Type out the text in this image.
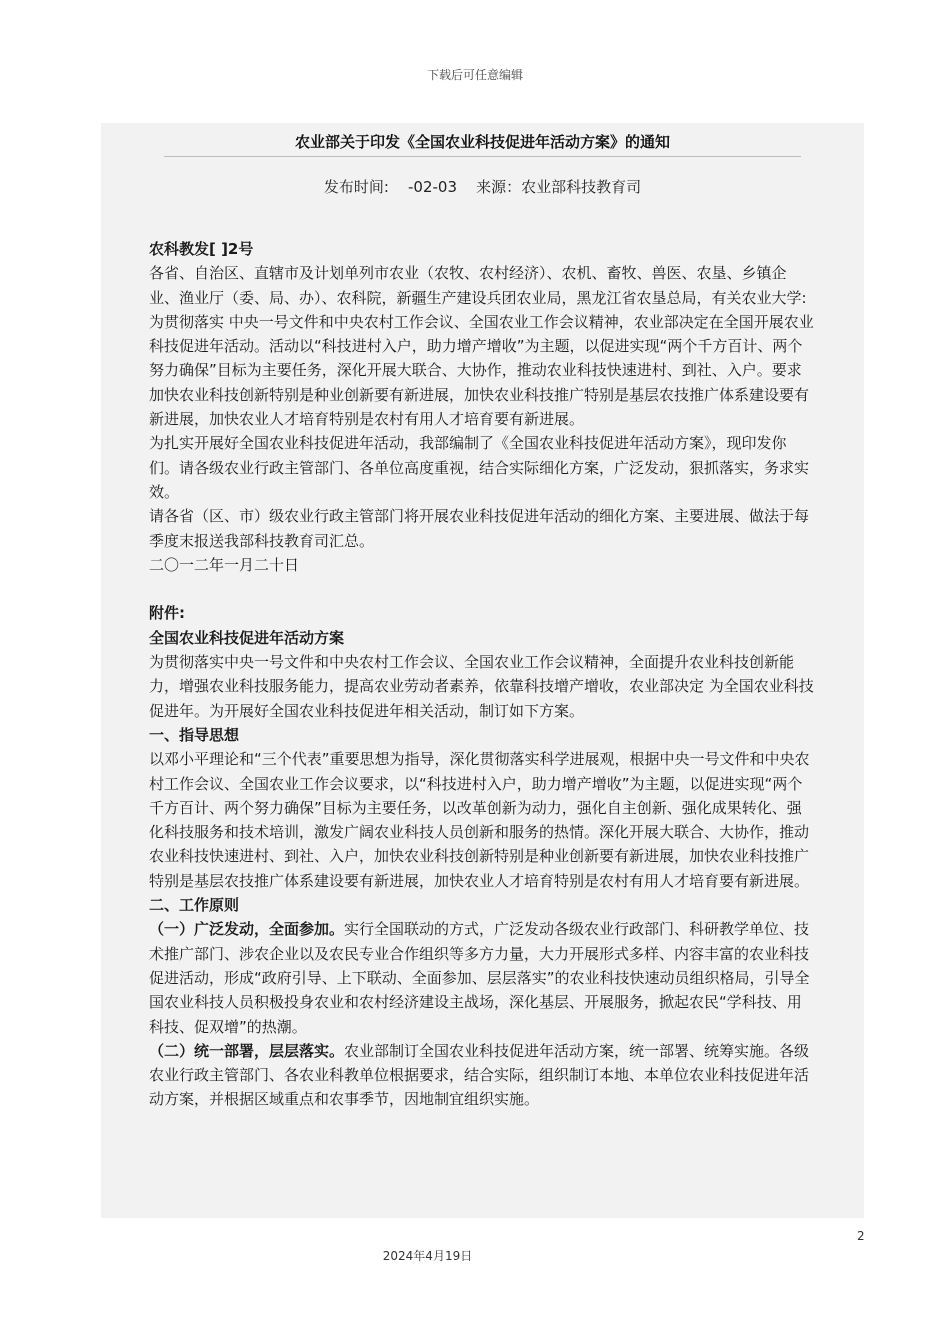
下载后可任意编辑
农业部关于印发《全国农业科技促进年活动方案》的通知
发布时间:    -02-03    来源：农业部科技教育司

农科教发[ ]2号

各省、自治区、直辖市及计划单列市农业（农牧、农村经济）、农机、畜牧、兽医、农垦、乡镇企业、渔业厅（委、局、办）、农科院，新疆生产建设兵团农业局，黑龙江省农垦总局，有关农业大学:

为贯彻落实 中央一号文件和中央农村工作会议、全国农业工作会议精神，农业部决定在全国开展农业科技促进年活动。活动以“科技进村入户，助力增产增收”为主题，以促进实现“两个千方百计、两个努力确保”目标为主要任务，深化开展大联合、大协作，推动农业科技快速进村、到社、入户。要求加快农业科技创新特别是种业创新要有新进展，加快农业科技推广特别是基层农技推广体系建设要有新进展，加快农业人才培育特别是农村有用人才培育要有新进展。

为扎实开展好全国农业科技促进年活动，我部编制了《全国农业科技促进年活动方案》，现印发你们。请各级农业行政主管部门、各单位高度重视，结合实际细化方案，广泛发动，狠抓落实，务求实效。

请各省（区、市）级农业行政主管部门将开展农业科技促进年活动的细化方案、主要进展、做法于每季度末报送我部科技教育司汇总。

二〇一二年一月二十日

附件:

全国农业科技促进年活动方案

为贯彻落实中央一号文件和中央农村工作会议、全国农业工作会议精神，全面提升农业科技创新能力，增强农业科技服务能力，提高农业劳动者素养，依靠科技增产增收，农业部决定 为全国农业科技促进年。为开展好全国农业科技促进年相关活动，制订如下方案。

一、指导思想

以邓小平理论和“三个代表”重要思想为指导，深化贯彻落实科学进展观，根据中央一号文件和中央农村工作会议、全国农业工作会议要求，以“科技进村入户，助力增产增收”为主题，以促进实现“两个千方百计、两个努力确保”目标为主要任务，以改革创新为动力，强化自主创新、强化成果转化、强化科技服务和技术培训，激发广阔农业科技人员创新和服务的热情。深化开展大联合、大协作，推动农业科技快速进村、到社、入户，加快农业科技创新特别是种业创新要有新进展，加快农业科技推广特别是基层农技推广体系建设要有新进展，加快农业人才培育特别是农村有用人才培育要有新进展。

二、工作原则

（一）广泛发动，全面参加。实行全国联动的方式，广泛发动各级农业行政部门、科研教学单位、技术推广部门、涉农企业以及农民专业合作组织等多方力量，大力开展形式多样、内容丰富的农业科技促进活动，形成“政府引导、上下联动、全面参加、层层落实”的农业科技快速动员组织格局，引导全国农业科技人员积极投身农业和农村经济建设主战场，深化基层、开展服务，掀起农民“学科技、用科技、促双增”的热潮。

（二）统一部署，层层落实。农业部制订全国农业科技促进年活动方案，统一部署、统筹实施。各级农业行政主管部门、各农业科教单位根据要求，结合实际，组织制订本地、本单位农业科技促进年活动方案，并根据区域重点和农事季节，因地制宜组织实施。

2
2024年4月19日
